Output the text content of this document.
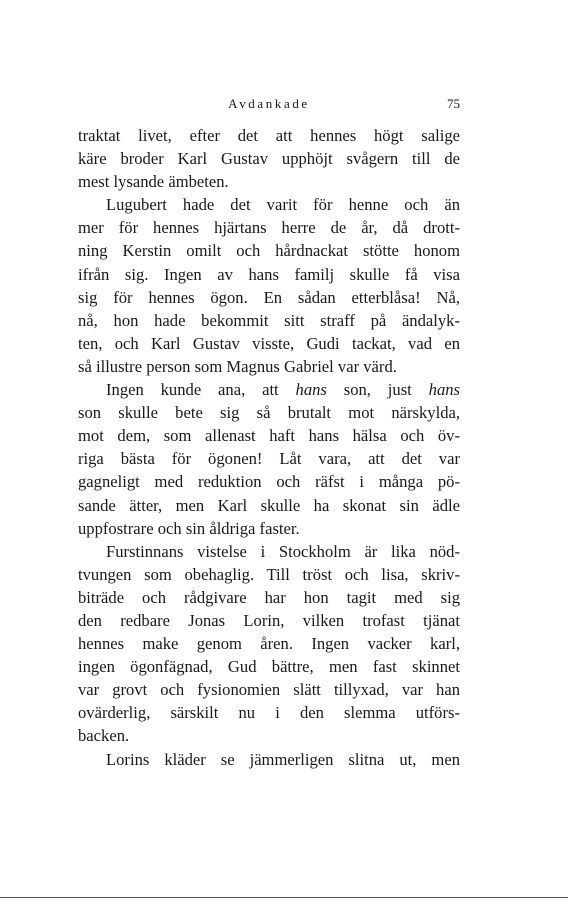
Avdankade	75
traktat livet, efter det att hennes högt salige
käre broder Karl Gustav upphöjt svågern till de
mest lysande ämbeten.
Lugubert hade det varit för henne och än
mer för hennes hjärtans herre de år, då drott-
ning Kerstin omilt och hårdnackat stötte honom
ifrån sig. Ingen av hans familj skulle få visa
sig för hennes ögon. En sådan etterblåsa! Nå,
nå, hon hade bekommit sitt straff på ändalyk-
ten, och Karl Gustav visste, Gudi tackat, vad en
så illustre person som Magnus Gabriel var värd.
Ingen kunde ana, att hans son, just hans
son skulle bete sig så brutalt mot närskylda,
mot dem, som allenast haft hans hälsa och öv-
riga bästa för ögonen! Låt vara, att det var
gagneligt med reduktion och räfst i många pö-
sande ätter, men Karl skulle ha skonat sin ädle
uppfostrare och sin åldriga faster.
Furstinnans vistelse i Stockholm är lika nöd-
tvungen som obehaglig. Till tröst och lisa, skriv-
biträde och rådgivare har hon tagit med sig
den redbare Jonas Lorin, vilken trofast tjänat
hennes make genom åren. Ingen vacker karl,
ingen ögonfägnad, Gud bättre, men fast skinnet
var grovt och fysionomien slätt tillyxad, var han
ovärderlig, särskilt nu i den slemma utförs-
backen.
Lorins kläder se jämmerligen slitna ut, men
